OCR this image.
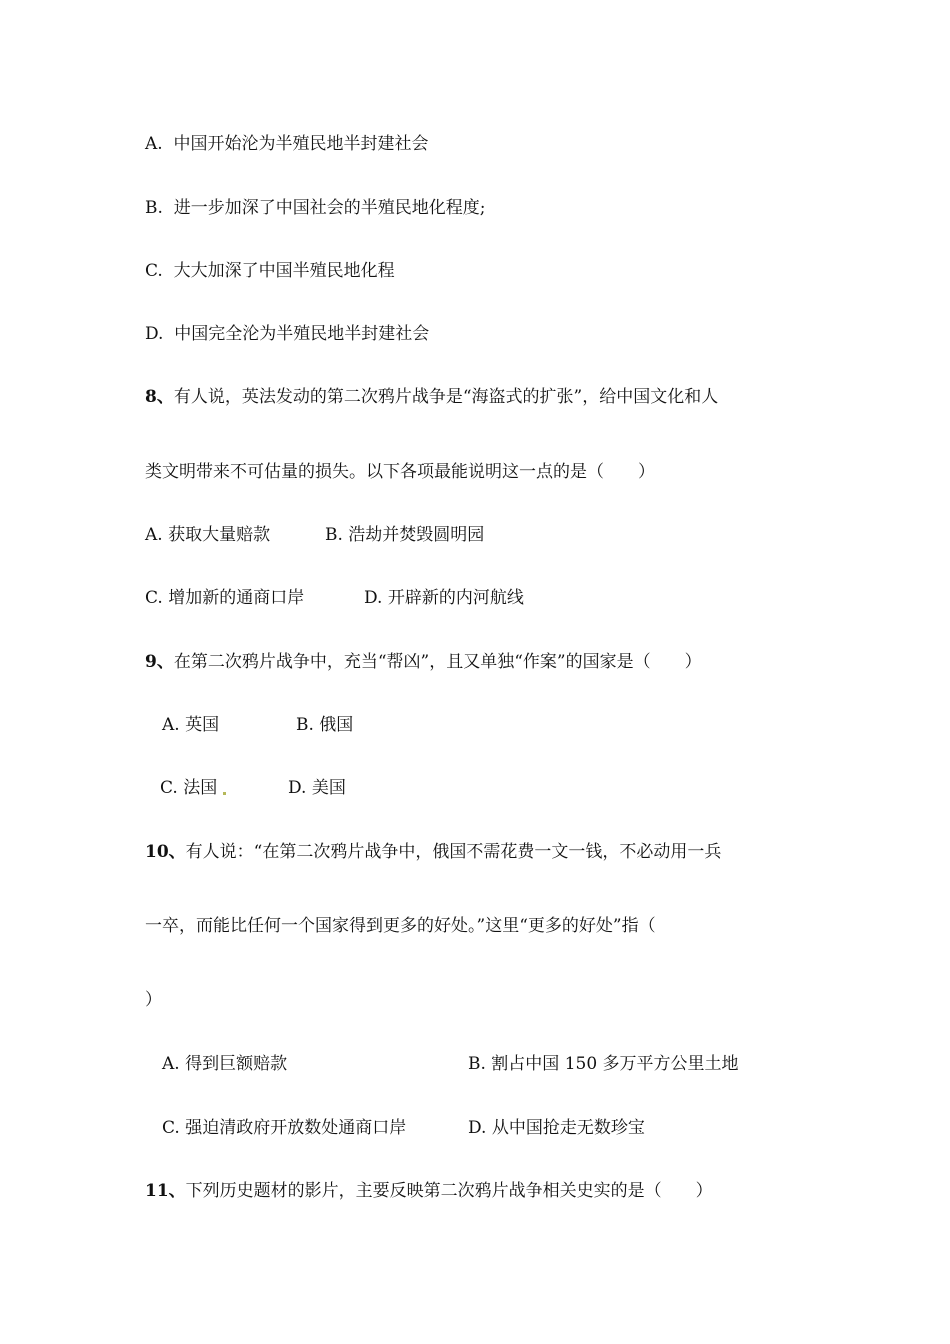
A.  中国开始沦为半殖民地半封建社会
B.  进一步加深了中国社会的半殖民地化程度;
C.  大大加深了中国半殖民地化程
D.  中国完全沦为半殖民地半封建社会
8、有人说，英法发动的第二次鸦片战争是“海盗式的扩张”，给中国文化和人
类文明带来不可估量的损失。以下各项最能说明这一点的是（　　）
A. 获取大量赔款	B. 浩劫并焚毁圆明园
C. 增加新的通商口岸	D. 开辟新的内河航线
9、在第二次鸦片战争中，充当“帮凶”，且又单独“作案”的国家是（　　）
A. 英国	B. 俄国
C. 法国	D. 美国
10、有人说：“在第二次鸦片战争中，俄国不需花费一文一钱，不必动用一兵
一卒，而能比任何一个国家得到更多的好处。”这里“更多的好处”指（
）
A. 得到巨额赔款	B. 割占中国 150 多万平方公里土地
C. 强迫清政府开放数处通商口岸	D. 从中国抢走无数珍宝
11、下列历史题材的影片，主要反映第二次鸦片战争相关史实的是（　　）
